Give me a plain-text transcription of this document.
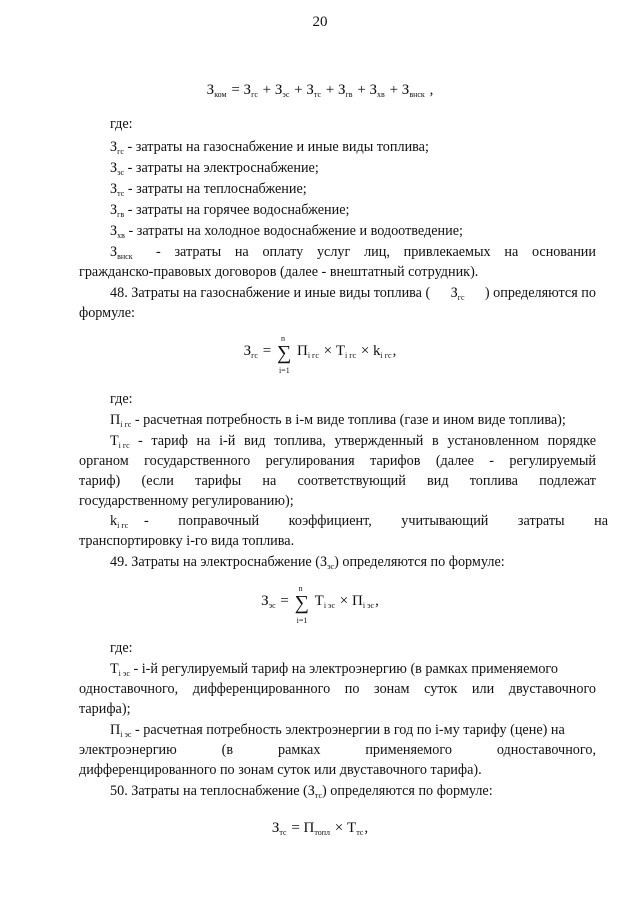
20
$З_{ком} = З_{гс} + З_{эс} + З_{тс} + З_{гв} + З_{хв} + З_{внск}$ ,
где:
$З_{гс}$ - затраты на газоснабжение и иные виды топлива;
$З_{эс}$ - затраты на электроснабжение;
$З_{тс}$ - затраты на теплоснабжение;
$З_{гв}$ - затраты на горячее водоснабжение;
$З_{хв}$ - затраты на холодное водоснабжение и водоотведение;
$З_{внск}$ - затраты на оплату услуг лиц, привлекаемых на основании
гражданско-правовых договоров (далее - внештатный сотрудник).
48. Затраты на газоснабжение и иные виды топлива ( $З_{гс}$ ) определяются по
формуле:
$З_{гс}$ = ∑
n
i=1
$П_{i гс} \times Т_{i гс} \times k_{i гс}$,
где:
$П_{i гс}$ - расчетная потребность в i-м виде топлива (газе и ином виде топлива);
$Т_{i гс}$ - тариф на i-й вид топлива, утвержденный в установленном порядке
органом государственного регулирования тарифов (далее - регулируемый
тариф) (если тарифы на соответствующий вид топлива подлежат
государственному регулированию);
$k_{i гс}$ - поправочный коэффициент, учитывающий затраты на
транспортировку i-го вида топлива.
49. Затраты на электроснабжение $(З_{эс})$ определяются по формуле:
$З_{эс}$ = ∑
n
i=1
$Т_{i эс} \times П_{i эс}$,
где:
$Т_{i эс} - i-й$ регулируемый тариф на электроэнергию (в рамках применяемого
одноставочного, дифференцированного по зонам суток или двуставочного
тарифа);
$П_{i эс}$ - расчетная потребность электроэнергии в год по i-му тарифу (цене) на
электроэнергию (в рамках применяемого одноставочного,
дифференцированного по зонам суток или двуставочного тарифа).
50. Затраты на теплоснабжение $(З_{тс})$ определяются по формуле:
$З_{тс} = П_{топл} \times Т_{тс}$,
